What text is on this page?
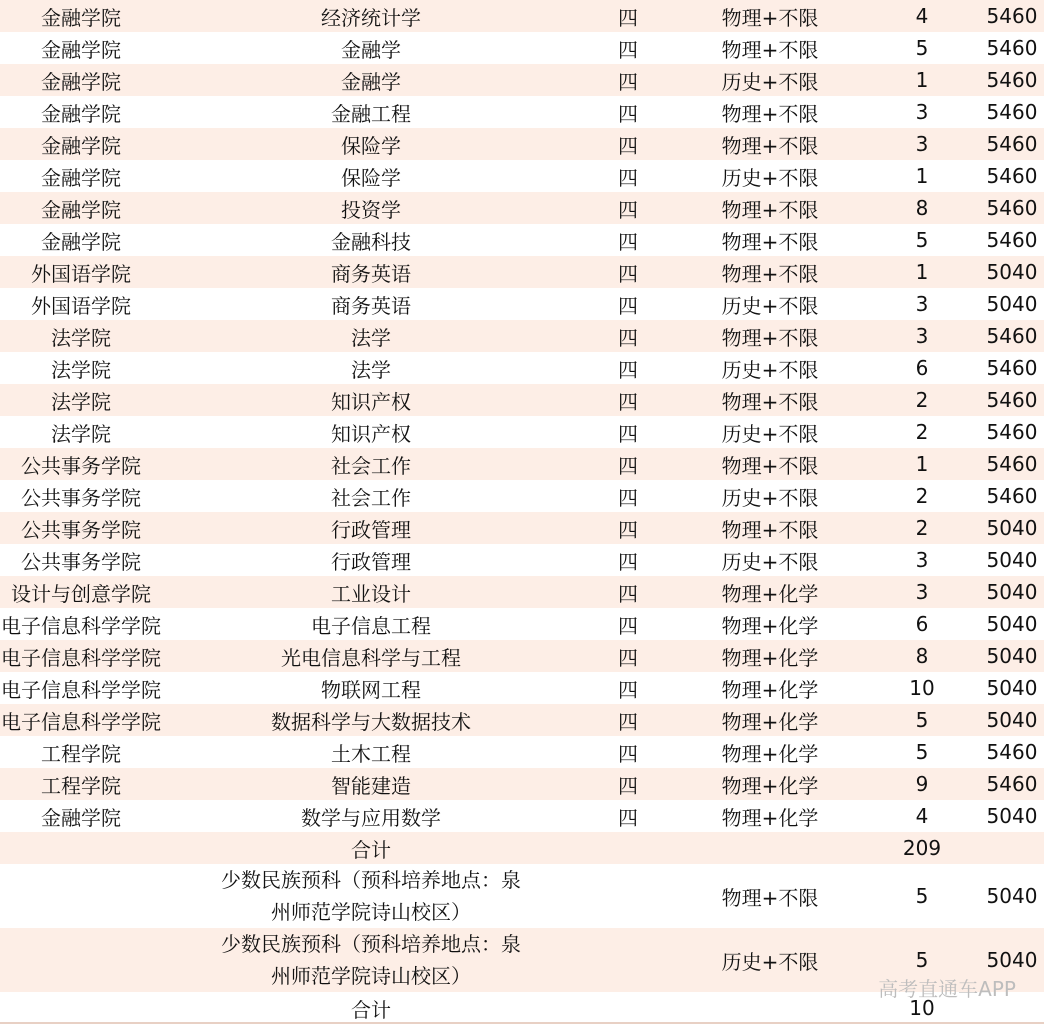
金融学院	经济统计学	四	物理+不限	4	5460
金融学院	金融学	四	物理+不限	5	5460
金融学院	金融学	四	历史+不限	1	5460
金融学院	金融工程	四	物理+不限	3	5460
金融学院	保险学	四	物理+不限	3	5460
金融学院	保险学	四	历史+不限	1	5460
金融学院	投资学	四	物理+不限	8	5460
金融学院	金融科技	四	物理+不限	5	5460
外国语学院	商务英语	四	物理+不限	1	5040
外国语学院	商务英语	四	历史+不限	3	5040
法学院	法学	四	物理+不限	3	5460
法学院	法学	四	历史+不限	6	5460
法学院	知识产权	四	物理+不限	2	5460
法学院	知识产权	四	历史+不限	2	5460
公共事务学院	社会工作	四	物理+不限	1	5460
公共事务学院	社会工作	四	历史+不限	2	5460
公共事务学院	行政管理	四	物理+不限	2	5040
公共事务学院	行政管理	四	历史+不限	3	5040
设计与创意学院	工业设计	四	物理+化学	3	5040
电子信息科学学院	电子信息工程	四	物理+化学	6	5040
电子信息科学学院	光电信息科学与工程	四	物理+化学	8	5040
电子信息科学学院	物联网工程	四	物理+化学	10	5040
电子信息科学学院	数据科学与大数据技术	四	物理+化学	5	5040
工程学院	土木工程	四	物理+化学	5	5460
工程学院	智能建造	四	物理+化学	9	5460
金融学院	数学与应用数学	四	物理+化学	4	5040
	合计			209	

	少数民族预科（预科培养地点：泉
州师范学院诗山校区）		物理+不限	5	5040

	少数民族预科（预科培养地点：泉
州师范学院诗山校区）		历史+不限	5	5040
	合计			10	
高考直通车APP
